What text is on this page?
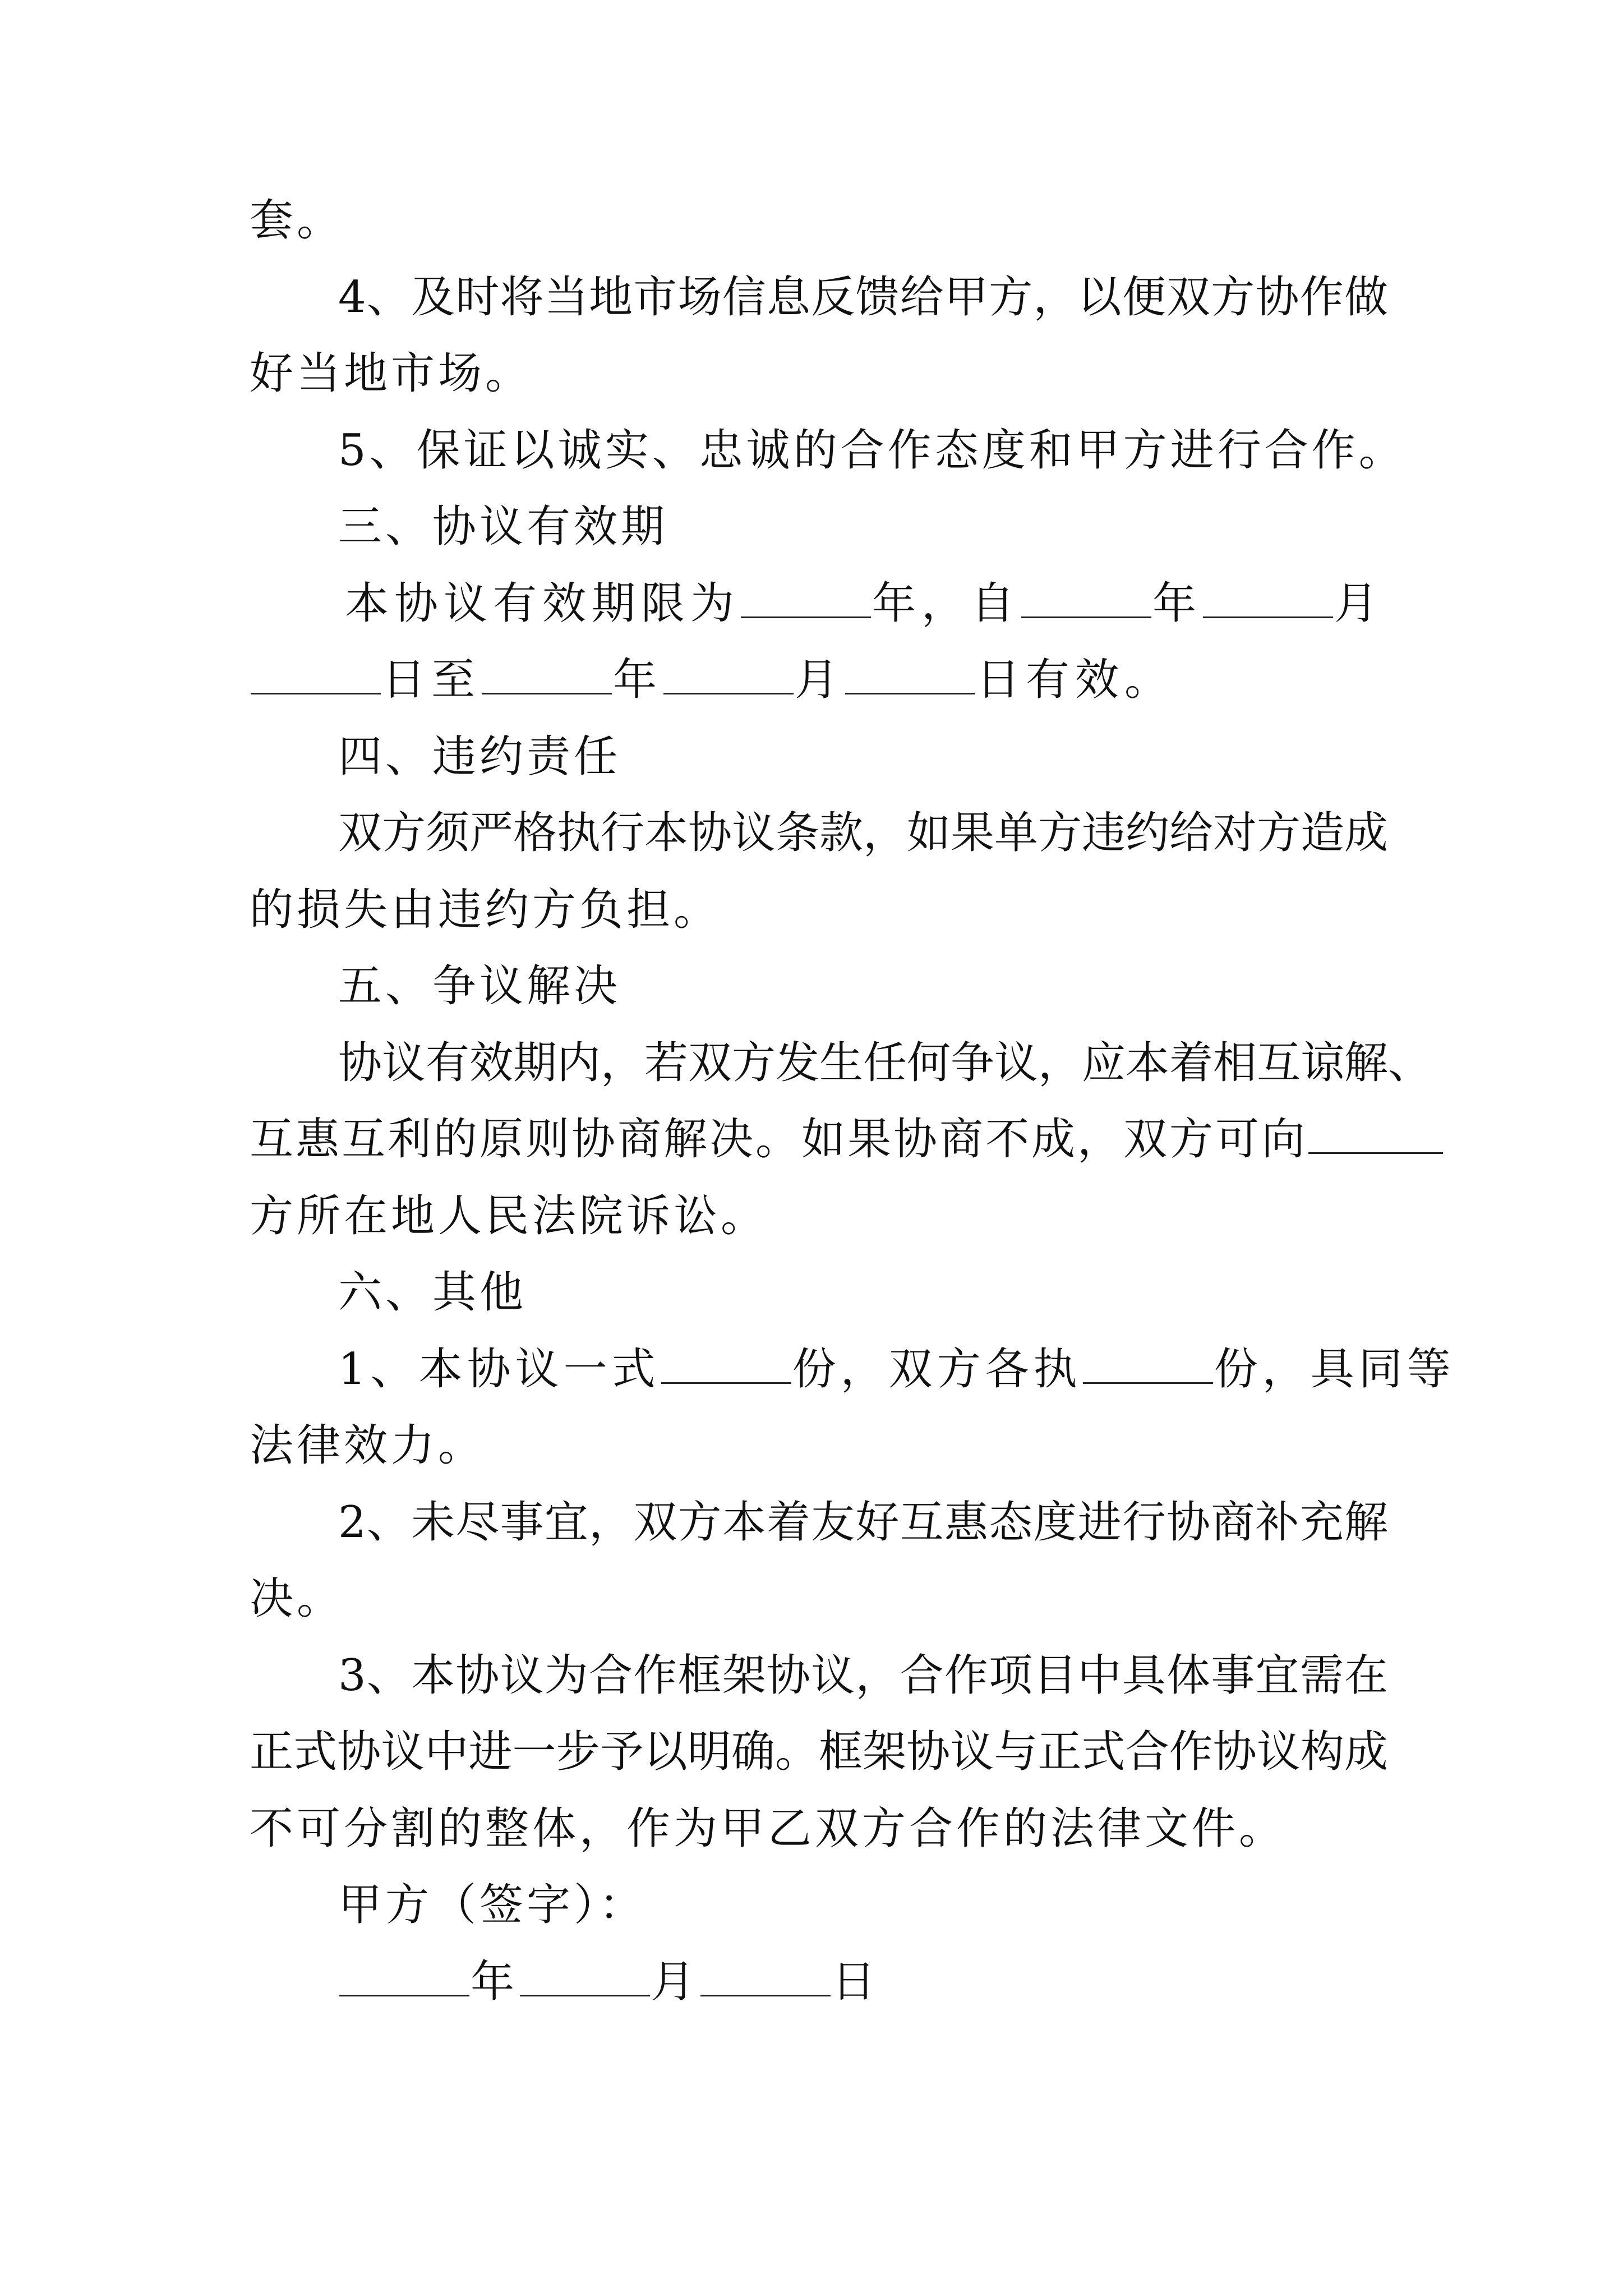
套。
4、及时将当地市场信息反馈给甲方，以便双方协作做
好当地市场。
5、保证以诚实、忠诚的合作态度和甲方进行合作。
三、协议有效期
本协议有效期限为	年，自	年	月
日至	年	月	日有效。
四、违约责任
双方须严格执行本协议条款，如果单方违约给对方造成
的损失由违约方负担。
五、争议解决
协议有效期内，若双方发生任何争议，应本着相互谅解、
互惠互利的原则协商解决。如果协商不成，双方可向
方所在地人民法院诉讼。
六、其他
1、本协议一式	份，双方各执	份，具同等
法律效力。
2、未尽事宜，双方本着友好互惠态度进行协商补充解
决。
3、本协议为合作框架协议，合作项目中具体事宜需在
正式协议中进一步予以明确。框架协议与正式合作协议构成
不可分割的整体，作为甲乙双方合作的法律文件。
甲方（签字）：
年	月	日
